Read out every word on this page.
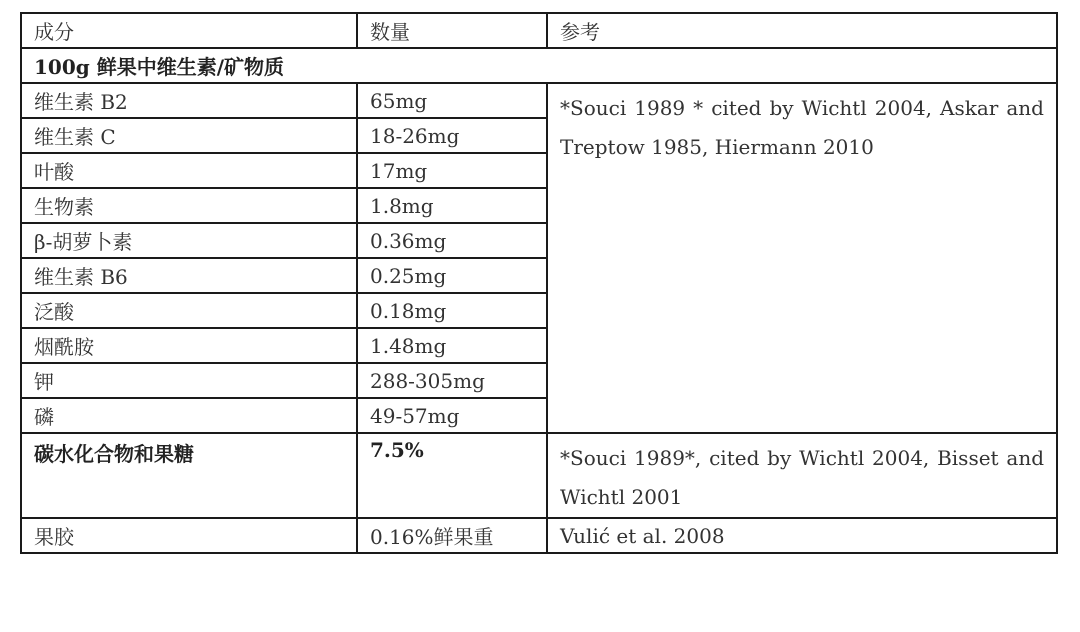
成分	数量	参考
100g 鲜果中维生素/矿物质		
维生素 B2	65mg	*Souci 1989 * cited by Wichtl 2004, Askar and Treptow 1985, Hiermann 2010
维生素 C	18-26mg	
叶酸	17mg	
生物素	1.8mg	
β-胡萝卜素	0.36mg	
维生素 B6	0.25mg	
泛酸	0.18mg	
烟酰胺	1.48mg	
钾	288-305mg	
磷	49-57mg	
碳水化合物和果糖	7.5%	*Souci 1989*, cited by Wichtl 2004, Bisset and Wichtl 2001
果胶	0.16%鲜果重	Vulić et al. 2008
